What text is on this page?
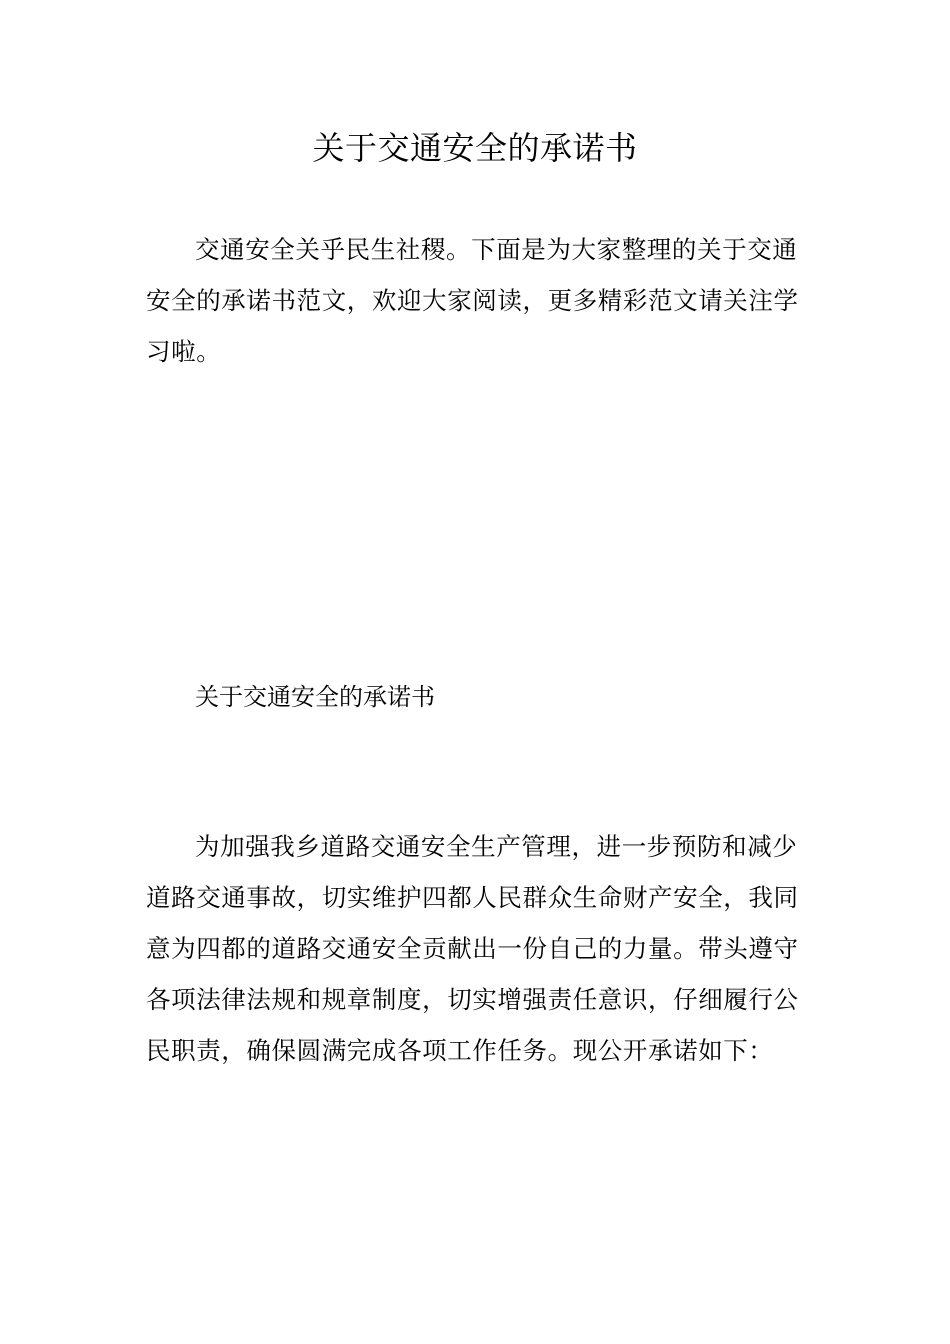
关于交通安全的承诺书

交通安全关乎民生社稷。下面是为大家整理的关于交通安全的承诺书范文，欢迎大家阅读，更多精彩范文请关注学习啦。

关于交通安全的承诺书

为加强我乡道路交通安全生产管理，进一步预防和减少道路交通事故，切实维护四都人民群众生命财产安全，我同意为四都的道路交通安全贡献出一份自己的力量。带头遵守各项法律法规和规章制度，切实增强责任意识，仔细履行公民职责，确保圆满完成各项工作任务。现公开承诺如下：
